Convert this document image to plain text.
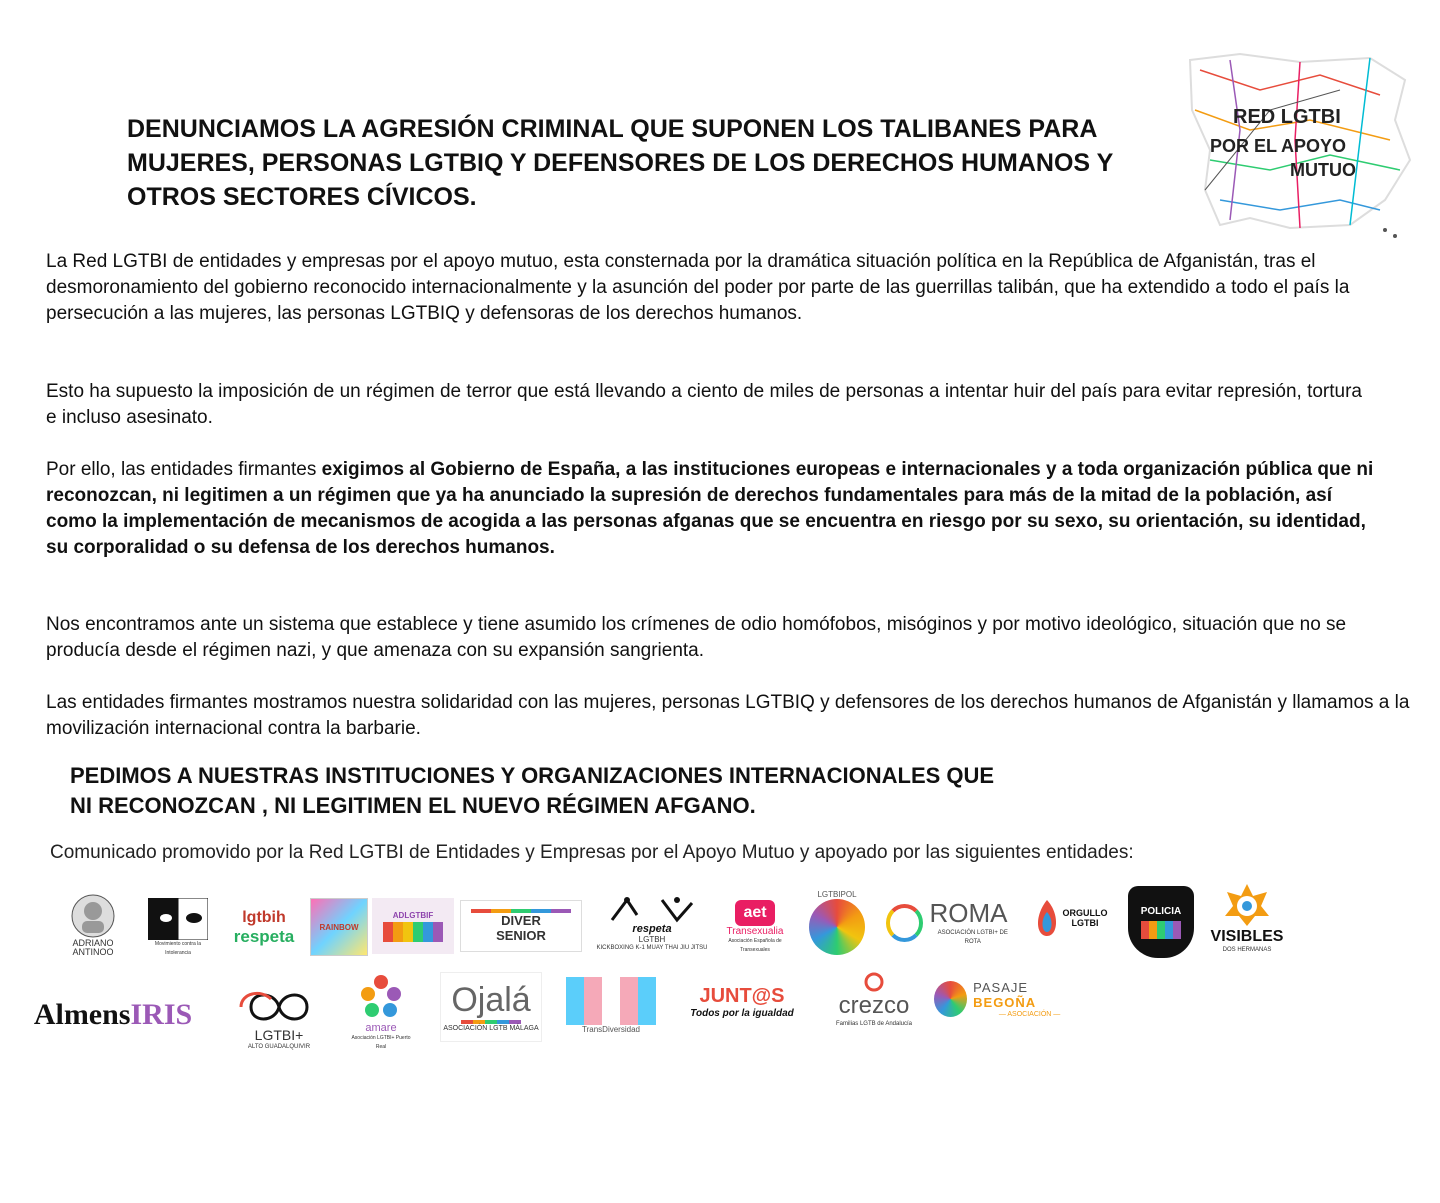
RED LGTBI
POR EL APOYO
MUTUO
DENUNCIAMOS LA AGRESIÓN CRIMINAL QUE SUPONEN LOS TALIBANES PARA MUJERES, PERSONAS LGTBIQ Y DEFENSORES DE LOS DERECHOS HUMANOS Y OTROS SECTORES CÍVICOS.

La Red LGTBI de entidades y empresas por el apoyo mutuo, esta consternada por la dramática situación política en la República de Afganistán, tras el desmoronamiento del gobierno reconocido internacionalmente y la asunción del poder por parte de las guerrillas talibán, que ha extendido a todo el país la persecución a las mujeres, las personas LGTBIQ y defensoras de los derechos humanos.

Esto ha supuesto la imposición de un régimen de terror que está llevando a ciento de miles de personas a intentar huir del país para evitar represión, tortura e incluso asesinato.

Por ello, las entidades firmantes exigimos al Gobierno de España, a las instituciones europeas e internacionales y a toda organización pública que ni reconozcan, ni legitimen a un régimen que ya ha anunciado la supresión de derechos fundamentales para más de la mitad de la población, así como la implementación de mecanismos de acogida a las personas afganas que se encuentra en riesgo por su sexo, su orientación, su identidad, su corporalidad o su defensa de los derechos humanos.

Nos encontramos ante un sistema que establece y tiene asumido los crímenes de odio homófobos, misóginos y por motivo ideológico, situación que no se producía desde el régimen nazi, y que amenaza con su expansión sangrienta.

Las entidades firmantes mostramos nuestra solidaridad con las mujeres, personas LGTBIQ y defensores de los derechos humanos de Afganistán y llamamos a la movilización internacional contra la barbarie.

PEDIMOS A NUESTRAS INSTITUCIONES Y ORGANIZACIONES INTERNACIONALES QUE
NI RECONOZCAN , NI LEGITIMEN EL NUEVO RÉGIMEN AFGANO.

Comunicado promovido por la Red LGTBI de Entidades y Empresas por el Apoyo Mutuo y apoyado por las siguientes entidades:

ADRIANO ANTINOO
Movimiento contra la Intolerancia
lgtbih
respeta	RAINBOW
ADLGTBIF	DIVER SENIOR	respeta
LGTBH
KICKBOXING K-1 MUAY THAI JIU JITSU
aet
Transexualia
Asociación Española de Transexuales
LGTBIPOL
ROMA
ASOCIACIÓN LGTBI+ DE ROTA
ORGULLO LGTBI
POLICIA
VISIBLES
DOS HERMANAS
Almens IRIS
LGTBI+
ALTO GUADALQUIVIR
amare
Asociación LGTBI+ Puerto Real
Ojalá
ASOCIACIÓN LGTB MÁLAGA	TransDiversidad
JUNT@S
Todos por la igualdad crezco
Familias LGTB de Andalucía
PASAJE BEGOÑA
— ASOCIACIÓN —
